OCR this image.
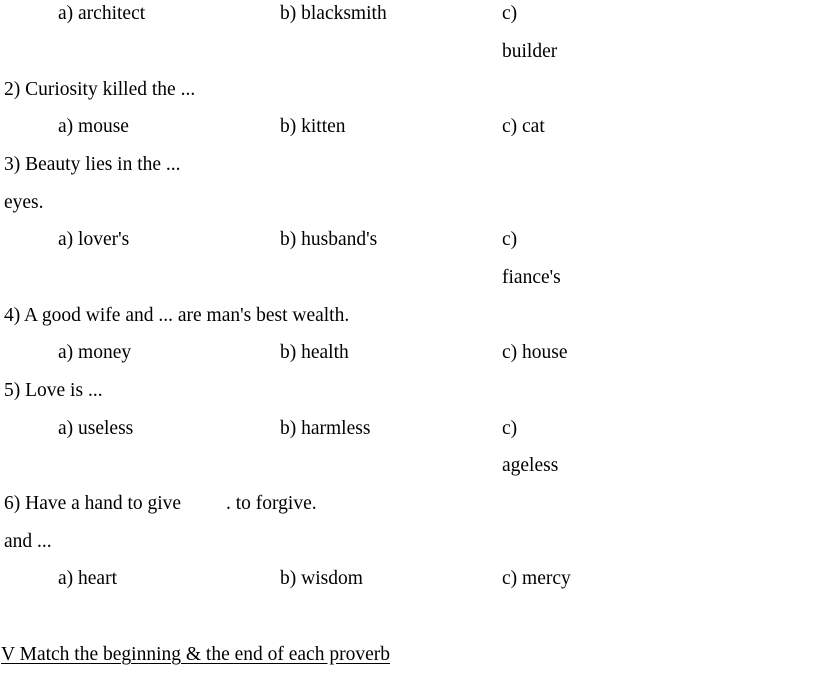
a) architect	b) blacksmith	c)
builder
2) Curiosity killed the ...
a) mouse	b) kitten	c) cat
3) Beauty lies in the ...
eyes.
a) lover's	b) husband's	c)
fiance's
4) A good wife and ... are man's best wealth.
a) money	b) health	c) house
5) Love is ...
a) useless	b) harmless	c)
ageless
6) Have a hand to give . to forgive.
and ...
a) heart	b) wisdom	c) mercy
V Match the beginning & the end of each proverb
